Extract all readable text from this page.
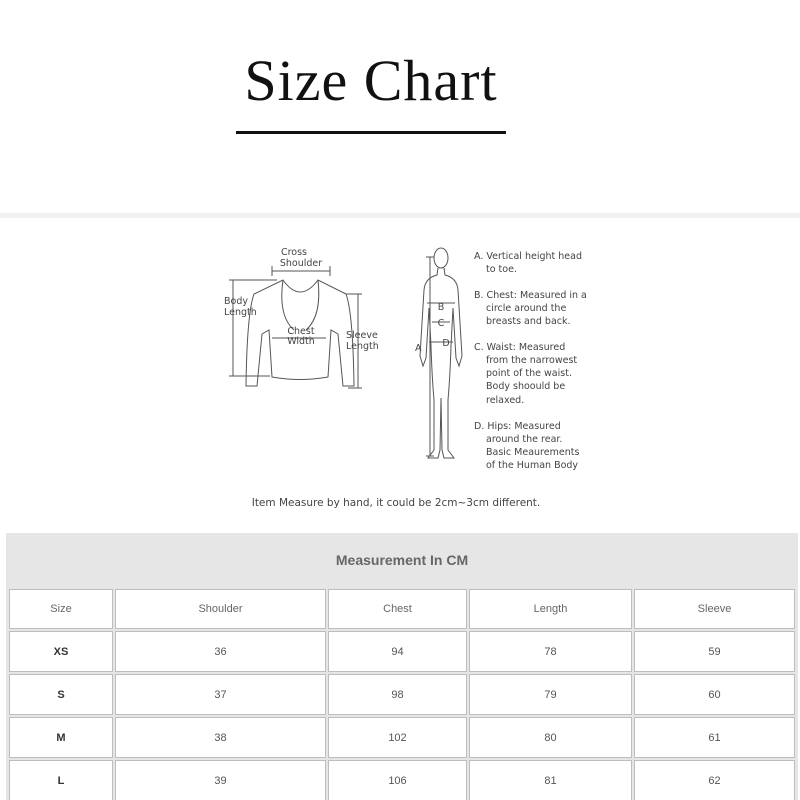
Size Chart
Cross
Shoulder
Body
Length
Chest
Width
Sleeve
Length	A
B
C
D
A. Vertical height head
to toe.
B. Chest: Measured in a
circle around the
breasts and back.
C. Waist: Measured
from the narrowest
point of the waist.
Body shoould be
relaxed.
D. Hips: Measured
around the rear.
Basic Meaurements
of the Human Body
Item Measure by hand, it could be 2cm~3cm different.
Measurement In CM
Size	Shoulder	Chest	Length	Sleeve
XS	36	94	78	59
S	37	98	79	60
M	38	102	80	61
L	39	106	81	62
